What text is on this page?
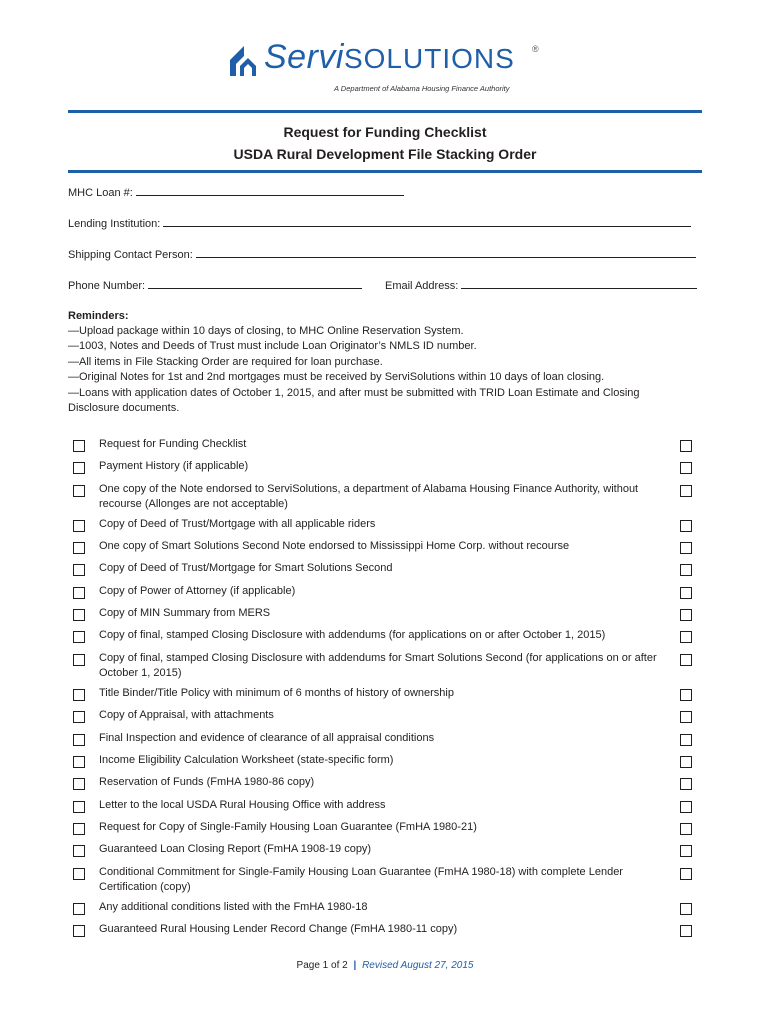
ServiSOLUTIONS ®
A Department of Alabama Housing Finance Authority
Request for Funding Checklist
USDA Rural Development File Stacking Order
MHC Loan #:
Lending Institution:
Shipping Contact Person:
Phone Number:	Email Address:
Reminders:
—Upload package within 10 days of closing, to MHC Online Reservation System.
—1003, Notes and Deeds of Trust must include Loan Originator’s NMLS ID number.
—All items in File Stacking Order are required for loan purchase.
—Original Notes for 1st and 2nd mortgages must be received by ServiSolutions within 10 days of loan closing.
—Loans with application dates of October 1, 2015, and after must be submitted with TRID Loan Estimate and Closing
Disclosure documents.
Request for Funding Checklist
Payment History (if applicable)
One copy of the Note endorsed to ServiSolutions, a department of Alabama Housing Finance Authority, without recourse (Allonges are not acceptable)
Copy of Deed of Trust/Mortgage with all applicable riders
One copy of Smart Solutions Second Note endorsed to Mississippi Home Corp. without recourse
Copy of Deed of Trust/Mortgage for Smart Solutions Second
Copy of Power of Attorney (if applicable)
Copy of MIN Summary from MERS
Copy of final, stamped Closing Disclosure with addendums (for applications on or after October 1, 2015)
Copy of final, stamped Closing Disclosure with addendums for Smart Solutions Second (for applications on or after October 1, 2015)
Title Binder/Title Policy with minimum of 6 months of history of ownership
Copy of Appraisal, with attachments
Final Inspection and evidence of clearance of all appraisal conditions
Income Eligibility Calculation Worksheet (state-specific form)
Reservation of Funds (FmHA 1980-86 copy)
Letter to the local USDA Rural Housing Office with address
Request for Copy of Single-Family Housing Loan Guarantee (FmHA 1980-21)
Guaranteed Loan Closing Report (FmHA 1908-19 copy)
Conditional Commitment for Single-Family Housing Loan Guarantee (FmHA 1980-18) with complete Lender Certification (copy)
Any additional conditions listed with the FmHA 1980-18
Guaranteed Rural Housing Lender Record Change (FmHA 1980-11 copy)
Page 1 of 2 | Revised August 27, 2015
